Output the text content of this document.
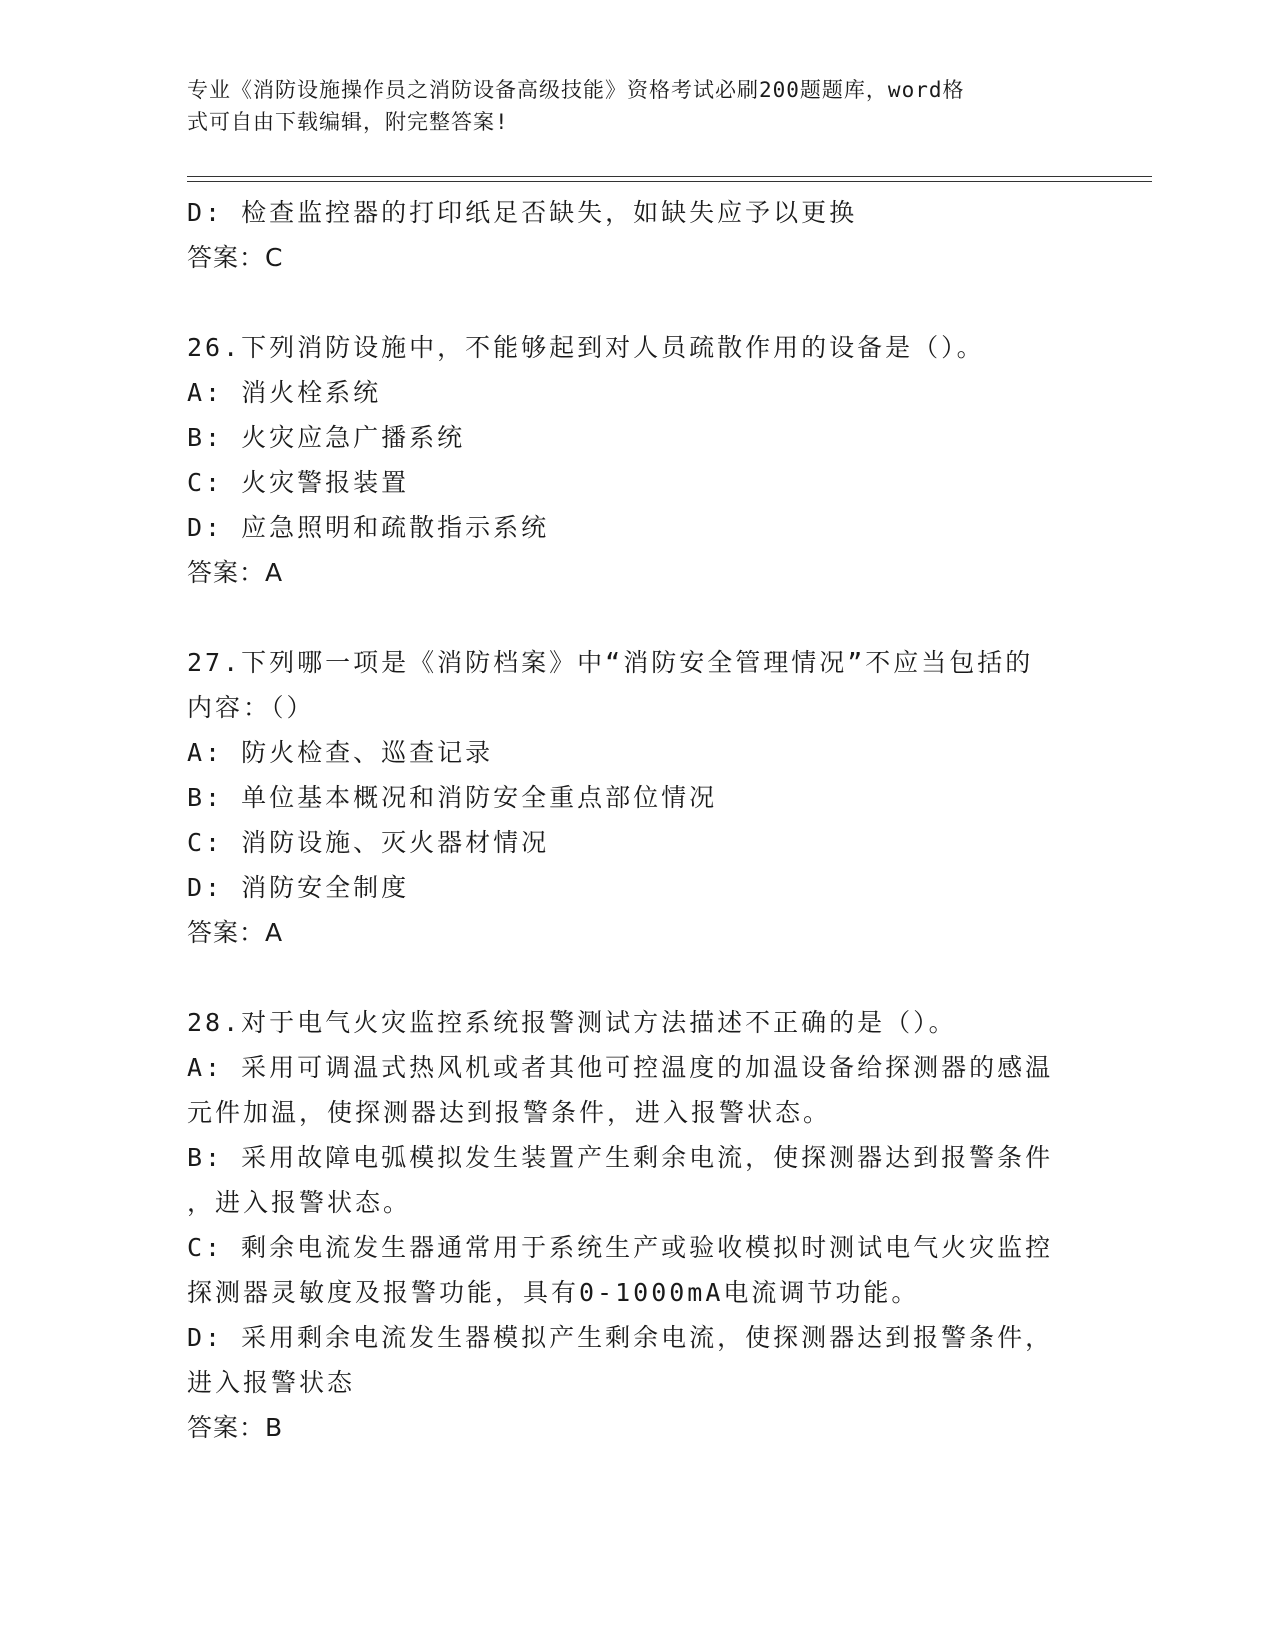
专业《消防设施操作员之消防设备高级技能》资格考试必刷200题题库，word格

式可自由下载编辑，附完整答案!

D: 检查监控器的打印纸足否缺失，如缺失应予以更换

答案：C

26.下列消防设施中，不能够起到对人员疏散作用的设备是（）。

A: 消火栓系统

B: 火灾应急广播系统

C: 火灾警报装置

D: 应急照明和疏散指示系统

答案：A

27.下列哪一项是《消防档案》中“消防安全管理情况”不应当包括的

内容：（）

A: 防火检查、巡查记录

B: 单位基本概况和消防安全重点部位情况

C: 消防设施、灭火器材情况

D: 消防安全制度

答案：A

28.对于电气火灾监控系统报警测试方法描述不正确的是（）。

A: 采用可调温式热风机或者其他可控温度的加温设备给探测器的感温

元件加温，使探测器达到报警条件，进入报警状态。

B: 采用故障电弧模拟发生装置产生剩余电流，使探测器达到报警条件

，进入报警状态。

C: 剩余电流发生器通常用于系统生产或验收模拟时测试电气火灾监控

探测器灵敏度及报警功能，具有0-1000mA电流调节功能。

D: 采用剩余电流发生器模拟产生剩余电流，使探测器达到报警条件，

进入报警状态

答案：B
